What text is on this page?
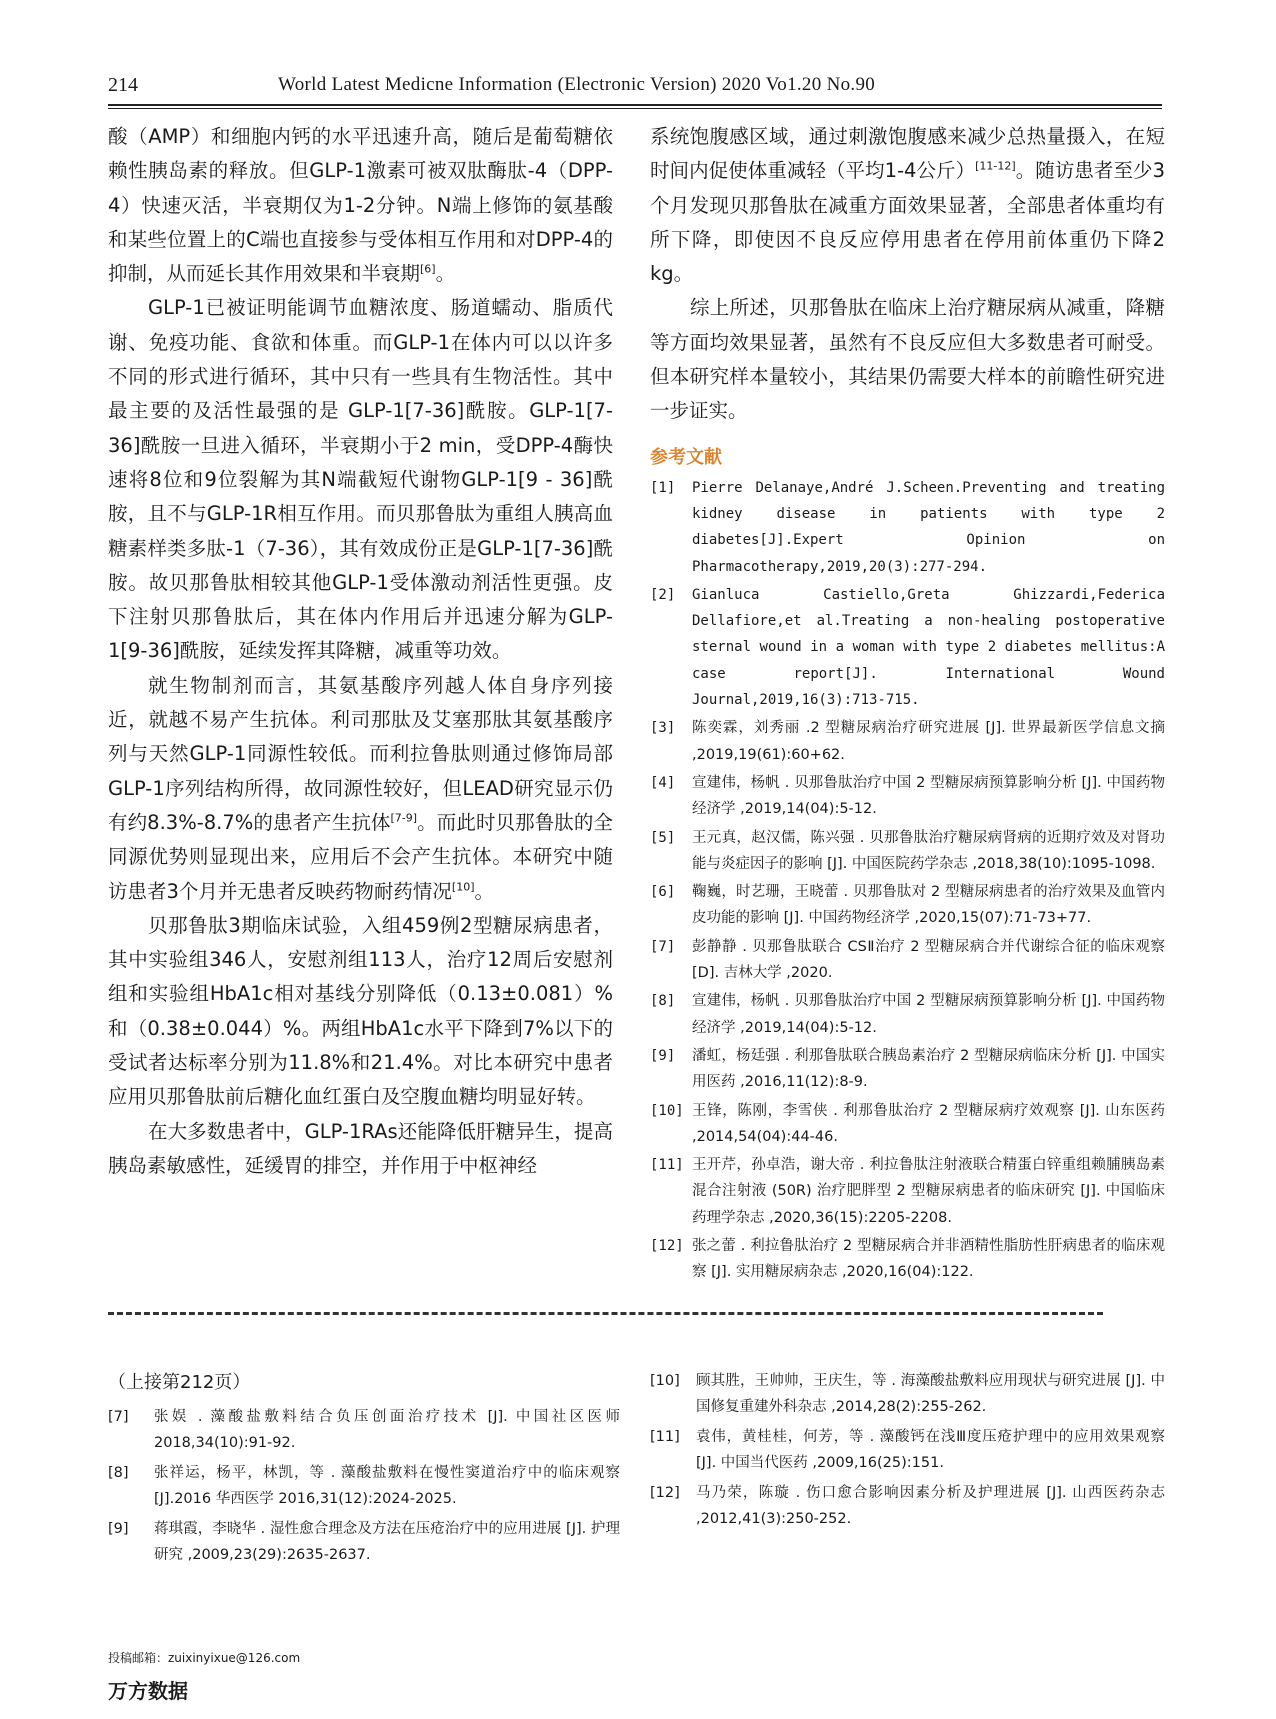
214	World Latest Medicne Information (Electronic Version) 2020 Vo1.20 No.90

酸（AMP）和细胞内钙的水平迅速升高，随后是葡萄糖依赖性胰岛素的释放。但GLP-1激素可被双肽酶肽-4（DPP-4）快速灭活，半衰期仅为1-2分钟。N端上修饰的氨基酸和某些位置上的C端也直接参与受体相互作用和对DPP-4的抑制，从而延长其作用效果和半衰期[6]。

GLP-1已被证明能调节血糖浓度、肠道蠕动、脂质代谢、免疫功能、食欲和体重。而GLP-1在体内可以以许多不同的形式进行循环，其中只有一些具有生物活性。其中最主要的及活性最强的是 GLP-1[7-36]酰胺。GLP-1[7-36]酰胺一旦进入循环，半衰期小于2 min，受DPP-4酶快速将8位和9位裂解为其N端截短代谢物GLP-1[9 - 36]酰胺，且不与GLP-1R相互作用。而贝那鲁肽为重组人胰高血糖素样类多肽-1（7-36），其有效成份正是GLP-1[7-36]酰胺。故贝那鲁肽相较其他GLP-1受体激动剂活性更强。皮下注射贝那鲁肽后，其在体内作用后并迅速分解为GLP-1[9-36]酰胺，延续发挥其降糖，减重等功效。

就生物制剂而言，其氨基酸序列越人体自身序列接近，就越不易产生抗体。利司那肽及艾塞那肽其氨基酸序列与天然GLP-1同源性较低。而利拉鲁肽则通过修饰局部GLP-1序列结构所得，故同源性较好，但LEAD研究显示仍有约8.3%-8.7%的患者产生抗体[7-9]。而此时贝那鲁肽的全同源优势则显现出来，应用后不会产生抗体。本研究中随访患者3个月并无患者反映药物耐药情况[10]。

贝那鲁肽3期临床试验，入组459例2型糖尿病患者，其中实验组346人，安慰剂组113人，治疗12周后安慰剂组和实验组HbA1c相对基线分别降低（0.13±0.081）%和（0.38±0.044）%。两组HbA1c水平下降到7%以下的受试者达标率分别为11.8%和21.4%。对比本研究中患者应用贝那鲁肽前后糖化血红蛋白及空腹血糖均明显好转。

在大多数患者中，GLP-1RAs还能降低肝糖异生，提高胰岛素敏感性，延缓胃的排空，并作用于中枢神经

系统饱腹感区域，通过刺激饱腹感来减少总热量摄入，在短时间内促使体重减轻（平均1-4公斤）[11-12]。随访患者至少3个月发现贝那鲁肽在减重方面效果显著，全部患者体重均有所下降，即使因不良反应停用患者在停用前体重仍下降2 kg。

综上所述，贝那鲁肽在临床上治疗糖尿病从减重，降糖等方面均效果显著，虽然有不良反应但大多数患者可耐受。但本研究样本量较小，其结果仍需要大样本的前瞻性研究进一步证实。

参考文献
[1]	Pierre Delanaye,André J.Scheen.Preventing and treating kidney disease in patients with type 2 diabetes[J].Expert Opinion on Pharmacotherapy,2019,20(3):277-294.
[2]	Gianluca Castiello,Greta Ghizzardi,Federica Dellafiore,et al.Treating a non-healing postoperative sternal wound in a woman with type 2 diabetes mellitus:A case report[J]. International Wound Journal,2019,16(3):713-715.
[3]	陈奕霖，刘秀丽 .2 型糖尿病治疗研究进展 [J]. 世界最新医学信息文摘 ,2019,19(61):60+62.
[4]	宣建伟，杨帆 . 贝那鲁肽治疗中国 2 型糖尿病预算影响分析 [J]. 中国药物经济学 ,2019,14(04):5-12.
[5]	王元真，赵汉儒，陈兴强 . 贝那鲁肽治疗糖尿病肾病的近期疗效及对肾功能与炎症因子的影响 [J]. 中国医院药学杂志 ,2018,38(10):1095-1098.
[6]	鞠巍，时艺珊，王晓蕾 . 贝那鲁肽对 2 型糖尿病患者的治疗效果及血管内皮功能的影响 [J]. 中国药物经济学 ,2020,15(07):71-73+77.
[7]	彭静静 . 贝那鲁肽联合 CSⅡ治疗 2 型糖尿病合并代谢综合征的临床观察 [D]. 吉林大学 ,2020.
[8]	宣建伟，杨帆 . 贝那鲁肽治疗中国 2 型糖尿病预算影响分析 [J]. 中国药物经济学 ,2019,14(04):5-12.
[9]	潘虹，杨廷强 . 利那鲁肽联合胰岛素治疗 2 型糖尿病临床分析 [J]. 中国实用医药 ,2016,11(12):8-9.
[10] 王锋，陈刚，李雪侠 . 利那鲁肽治疗 2 型糖尿病疗效观察 [J]. 山东医药 ,2014,54(04):44-46.
[11] 王开芹，孙卓浩，谢大帝 . 利拉鲁肽注射液联合精蛋白锌重组赖脯胰岛素混合注射液 (50R) 治疗肥胖型 2 型糖尿病患者的临床研究 [J]. 中国临床药理学杂志 ,2020,36(15):2205-2208.
[12] 张之蕾 . 利拉鲁肽治疗 2 型糖尿病合并非酒精性脂肪性肝病患者的临床观察 [J]. 实用糖尿病杂志 ,2020,16(04):122.

（上接第212页）

[7]	张娱 . 藻酸盐敷料结合负压创面治疗技术 [J]. 中国社区医师 2018,34(10):91-92.
[8]	张祥运，杨平，林凯，等 . 藻酸盐敷料在慢性窦道治疗中的临床观察 [J].2016 华西医学 2016,31(12):2024-2025.
[9]	蒋琪霞，李晓华 . 湿性愈合理念及方法在压疮治疗中的应用进展 [J]. 护理研究 ,2009,23(29):2635-2637.
[10]	顾其胜，王帅帅，王庆生，等 . 海藻酸盐敷料应用现状与研究进展 [J]. 中国修复重建外科杂志 ,2014,28(2):255-262.
[11]	袁伟，黄桂桂，何芳，等 . 藻酸钙在浅Ⅲ度压疮护理中的应用效果观察 [J]. 中国当代医药 ,2009,16(25):151.
[12]	马乃荣，陈璇 . 伤口愈合影响因素分析及护理进展 [J]. 山西医药杂志 ,2012,41(3):250-252.
投稿邮箱：zuixinyixue@126.com
万方数据
